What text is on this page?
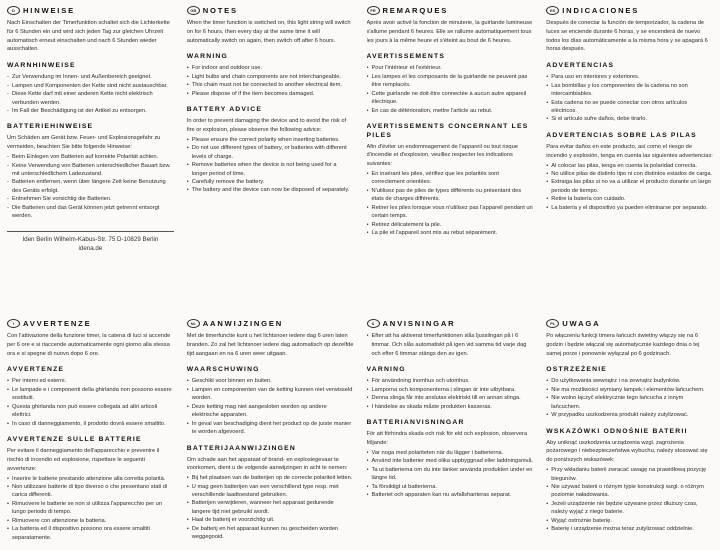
D	HINWEISE

Nach Einschalten der Timerfunktion schaltet sich die Lichterkette für 6 Stunden ein und wird sich jeden Tag zur gleichen Uhrzeit automatisch erneut einschalten und nach 6 Stunden wieder ausschalten.

WARNHINWEISE
- Zur Verwendung im Innen- und Außenbereich geeignet.
- Lampen und Komponenten der Kette sind nicht austauschbar.
- Diese Kette darf mit einer anderen Kette nicht elektrisch verbunden werden.
- Im Fall der Beschädigung ist der Artikel zu entsorgen.
BATTERIEHINWEISE

Um Schäden am Gerät bzw. Feuer- und Explosionsgefahr zu vermeiden, beachten Sie bitte folgende Hinweise:

- Beim Einlegen von Batterien auf korrekte Polarität achten.
- Keine Verwendung von Batterien unterschiedlicher Bauart bzw. mit unterschiedlichem Ladezustand.
- Batterien entfernen, wenn über längere Zeit keine Benutzung des Geräts erfolgt.
- Entnehmen Sie vorsichtig die Batterien.
- Die Batterien und das Gerät können jetzt getrennt entsorgt werden.
Iden Berlin Wilhelm-Kabus-Str. 75 D-10829 Berlin
idena.de
GB NOTES

When the timer function is switched on, this light string will switch on for 6 hours, then every day at the same time it will automatically switch on again, then switch off after 6 hours.

WARNING
• For indoor and outdoor use.
• Light bulbs and chain components are not interchangeable.
• This chain must not be connected to another electrical item.
• Please dispose of if the item becomes damaged.
BATTERY ADVICE

In order to prevent damaging the device and to avoid the risk of fire or explosion, please observe the following advice:

• Please ensure the correct polarity when inserting batteries.
• Do not use different types of battery, or batteries with different levels of charge.
• Remove batteries when the device is not being used for a longer period of time.
• Carefully remove the battery.
• The battery and the device can now be disposed of separately.
FR REMARQUES

Après avoir activé la fonction de minuterie, la guirlande lumineuse s'allume pendant 6 heures. Elle se rallume automatiquement tous les jours à la même heure et s'éteint au bout de 6 heures.

AVERTISSEMENTS
• Pour l'intérieur et l'extérieur.
• Les lampes et les composants de la guirlande ne peuvent pas être remplacés.
• Cette guirlande ne doit être connectée à aucun autre appareil électrique.
• En cas de détérioration, mettre l'article au rebut.
AVERTISSEMENTS CONCERNANT LES PILES

Afin d'éviter un endommagement de l'appareil ou tout risque d'incendie et d'explosion, veuillez respecter les indications suivantes:

• En insérant les piles, vérifiez que les polarités sont correctement orientées.
• N'utilisez pas de piles de types différents ou présentant des états de charges différents.
• Retirer les piles lorsque vous n'utilisez pas l'appareil pendant un certain temps.
• Retirez délicatement la pile.
• La pile et l'appareil sont mis au rebut séparément.
ES INDICACIONES

Después de conectar la función de temporizador, la cadena de luces se enciende durante 6 horas, y se encenderá de nuevo todos los días automáticamente a la misma hora y se apagará 6 horas después.

ADVERTENCIAS
• Para uso en interiores y exteriores.
• Las bombillas y los componentes de la cadena no son intercambiables.
• Esta cadena no se puede conectar con otros artículos eléctricos.
• Si el artículo sufre daños, debe tirarlo.
ADVERTENCIAS SOBRE LAS PILAS

Para evitar daños en este producto, así como el riesgo de incendio y explosión, tenga en cuenta las siguientes advertencias:

• Al colocar las pilas, tenga en cuenta la polaridad correcta.
• No utilice pilas de distinto tipo ni con distintos estados de carga.
• Extraiga las pilas si no va a utilizar el producto durante un largo periodo de tiempo.
• Retire la batería con cuidado.
• La batería y el dispositivo ya pueden eliminarse por separado.
I	AVVERTENZE

Con l'attivazione della funzione timer, la catena di luci si accende per 6 ore e si riaccende automaticamente ogni giorno alla stessa ora e si spegne di nuovo dopo 6 ore.

AVVERTENZE
• Per interni ed esterni.
• Le lampade e i componenti della ghirlanda non possono essere sostituiti.
• Questa ghirlanda non può essere collegata ad altri articoli elettrici.
• In caso di danneggiamento, il prodotto dovrà essere smaltito.
AVVERTENZE SULLE BATTERIE

Per evitare il danneggiamento dell'apparecchio e prevenire il rischio di incendio ed esplosione, rispettare le seguenti avvertenze:

• Inserire le batterie prestando attenzione alla corretta polarità.
• Non utilizzare batterie di tipo diverso o che presentano stati di carica differenti.
• Rimuovere le batterie se non si utilizza l'apparecchio per un lungo periodo di tempo.
• Rimuovere con attenzione la batteria.
• La batteria ed il dispositivo possono ora essere smaltiti separatamente.
NL AANWIJZINGEN

Met de timerfunctie kunt u het lichtsnoer iedere dag 6 uren laten branden. Zo zal het lichtsnoer iedere dag automatisch op dezelfde tijd aangaan en na 6 uren weer uitgaan.

WAARSCHUWING
• Geschikt voor binnen en buiten.
• Lampen en componenten van de ketting kunnen niet verwisseld worden.
• Deze ketting mag niet aangesloten worden op andere elektrische apparaten.
• In geval van beschadiging dient het product op de juiste manier te worden afgevoerd.
BATTERIJAANWIJZINGEN

Om schade aan het apparaat of brand- en explosiegevaar te voorkomen, dient u de volgende aanwijzingen in acht te nemen:

• Bij het plaatsen van de batterijen op de correcte polariteit letten.
• U mag geen batterijen van een verschillend type resp. met verschillende laadtoestand gebruiken.
• Batterijen verwijderen, wanneer het apparaat gedurende langere tijd niet gebruikt wordt.
• Haal de batterij er voorzichtig uit.
• De batterij en het apparaat kunnen nu gescheiden worden weggegooid.
S	ANVISNINGAR

• Efter att ha aktiverat timerfunktionen slås ljusslingan på i 6 timmar. Och slås automatiskt på igen vid samma tid varje dag och efter 6 timmar stängs den av igen.

VARNING
• För användning inomhus och utomhus.
• Lamporna och komponenterna i slingan är inte utbytbara.
• Denna slinga får inte anslutas elektriskt till en annan slinga.
• I händelse av skada måste produkten kasseras.
BATTERIANVISNINGAR

För att förhindra skada och risk för eld och explosion, observera följande:

• Var noga med polariteten när du lägger i batterierna.
• Använd inte batterier med olika uppbyggnad eller laddningsnivå.
• Ta ut batterierna om du inte tänker använda produkten under en längre tid.
• Ta försiktigt ut batterierna.
• Batteriet och apparaten kan nu avfallshanteras separat.
PL UWAGA

Po włączeniu funkcji timera łańcuch świetlny włączy się na 6 godzin i będzie włączał się automatycznie każdego dnia o tej samej porze i ponownie wyłączał po 6 godzinach.

OSTRZEŻENIE
• Do użytkowania wewnątrz i na zewnątrz budynków.
• Nie ma możliwości wymiany lampek i elementów łańcuchem.
• Nie wolno łączyć elektrycznie tego łańcucha z innym łańcuchem.
• W przypadku uszkodzenia produkt należy zutylizować.
WSKAZÓWKI ODNOŚNIE BATERII

Aby uniknąć uszkodzenia urządzenia wzgl. zagrożenia pożarowego i niebezpieczeństwa wybuchu, należy stosować się do poniższych wskazówek:

• Przy wkładaniu baterii zwracać uwagę na prawidłową pozycję biegunów.
• Nie używać baterii o różnym typie konstrukcji wzgl. o różnym poziomie naładowania.
• Jeżeli urządzenie nie będzie używane przez dłuższy czas, należy wyjąć z niego baterie.
• Wyjąć ostrożnie baterię.
• Baterię i urządzenie można teraz zutylizować oddzielnie.
